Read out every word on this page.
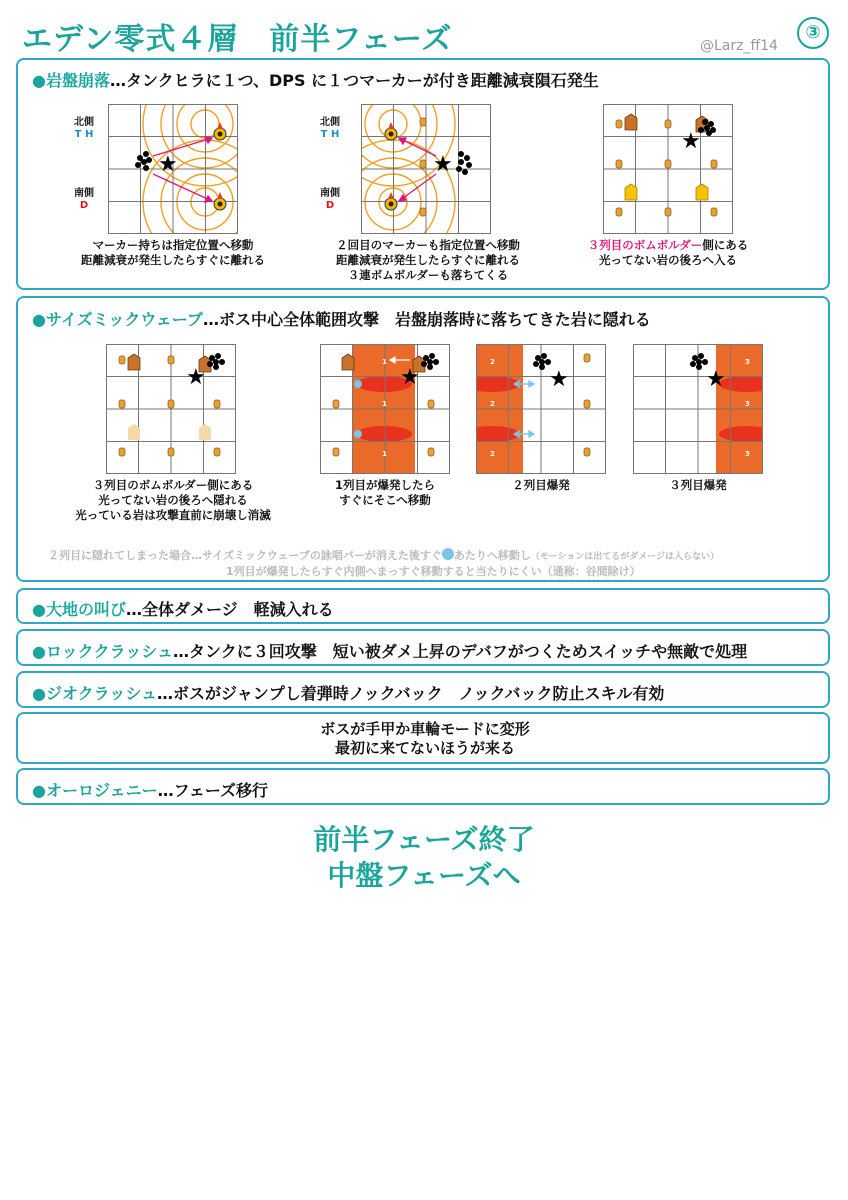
エデン零式４層　前半フェーズ	@Larz_ff14
③
●岩盤崩落…タンクヒラに１つ、DPS に１つマーカーが付き距離減衰隕石発生
北側
T H
南側
D
北側
T H
南側
D
★	★
★
マーカー持ちは指定位置へ移動
距離減衰が発生したらすぐに離れる
２回目のマーカーも指定位置へ移動
距離減衰が発生したらすぐに離れる
３連ボムボルダーも落ちてくる
３列目のボムボルダー側にある
光ってない岩の後ろへ入る
●サイズミックウェーブ…ボス中心全体範囲攻撃　岩盤崩落時に落ちてきた岩に隠れる
★
1
1
1
★
2
2
2
★
3
3
3
★
３列目のボムボルダー側にある
光ってない岩の後ろへ隠れる
光っている岩は攻撃直前に崩壊し消滅
1列目が爆発したら
すぐにそこへ移動
２列目爆発	３列目爆発
２列目に隠れてしまった場合…サイズミックウェーブの詠唱バーが消えた後すぐ あたりへ移動し（モーションは出てるがダメージは入らない）
1列目が爆発したらすぐ内側へまっすぐ移動すると当たりにくい（通称：谷間除け）
●大地の叫び…全体ダメージ　軽減入れる
●ロッククラッシュ…タンクに３回攻撃　短い被ダメ上昇のデバフがつくためスイッチや無敵で処理
●ジオクラッシュ…ボスがジャンプし着弾時ノックバック　ノックバック防止スキル有効
ボスが手甲か車輪モードに変形
最初に来てないほうが来る
●オーロジェニー…フェーズ移行
前半フェーズ終了
中盤フェーズへ
